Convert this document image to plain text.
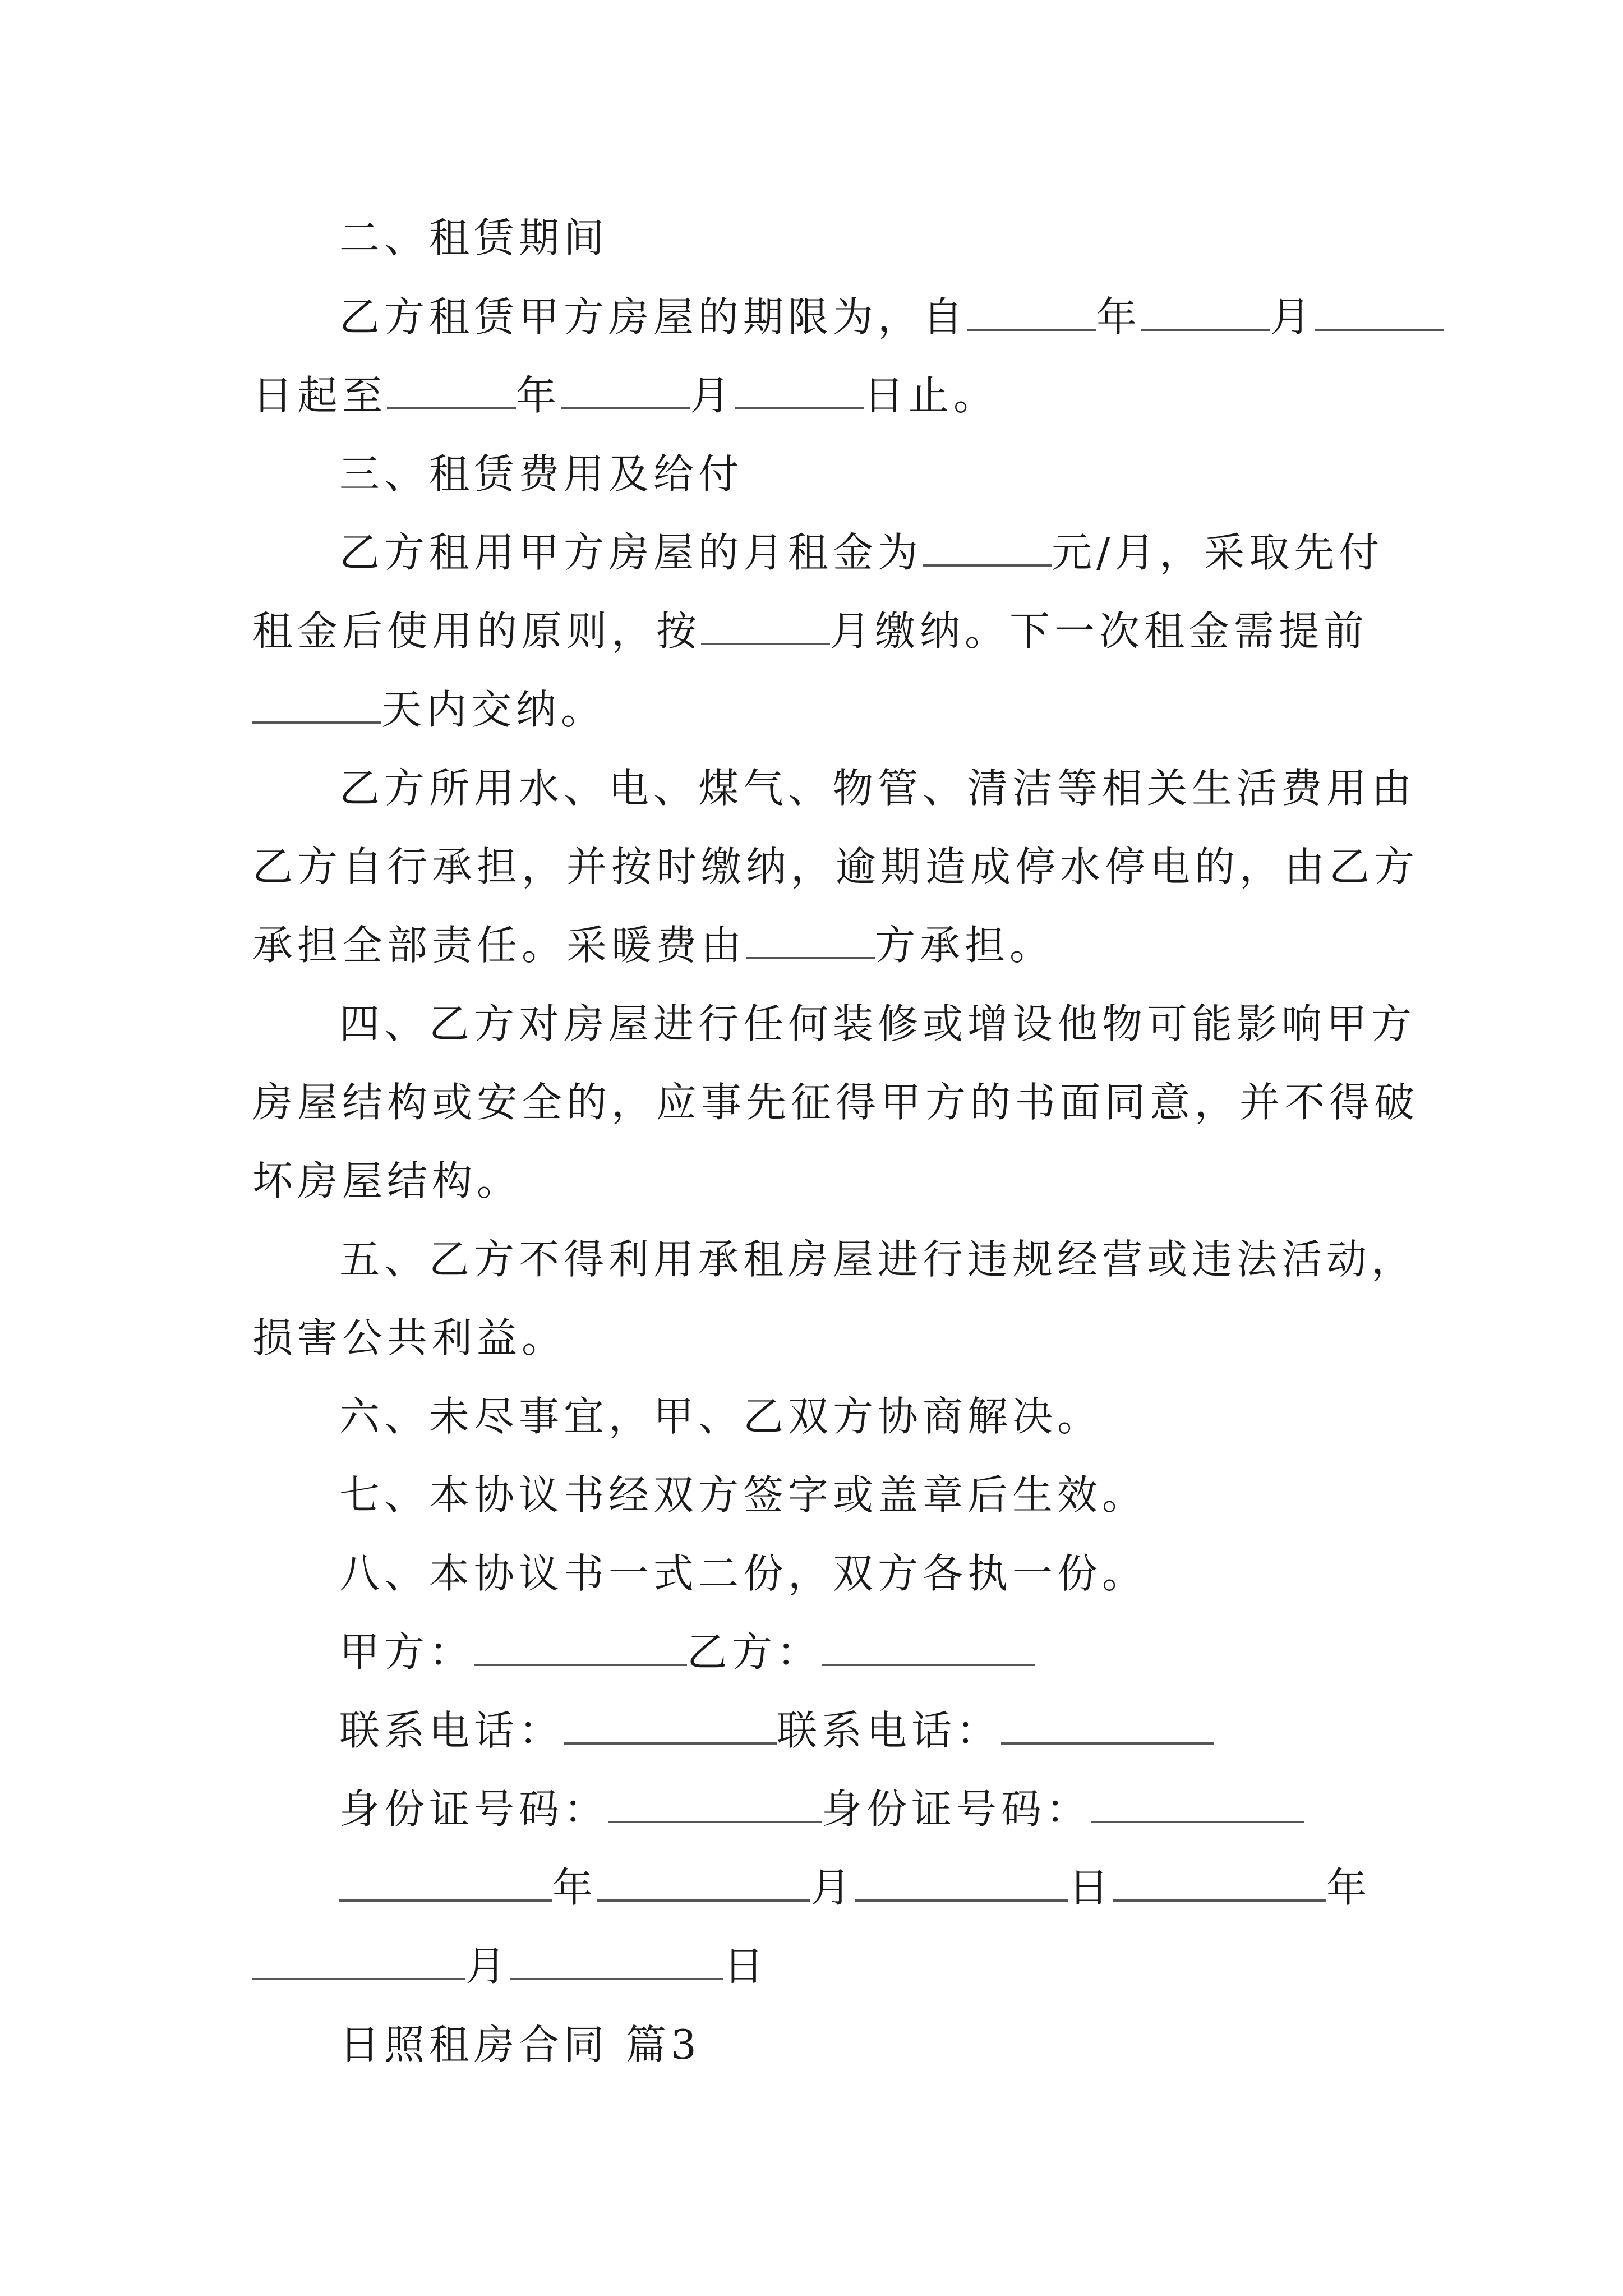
二、租赁期间
乙方租赁甲方房屋的期限为，自	年	月
日起至	年	月	日止。
三、租赁费用及给付
乙方租用甲方房屋的月租金为	元/月，采取先付
租金后使用的原则，按	月缴纳。下一次租金需提前
天内交纳。
乙方所用水、电、煤气、物管、清洁等相关生活费用由
乙方自行承担，并按时缴纳，逾期造成停水停电的，由乙方
承担全部责任。采暖费由	方承担。
四、乙方对房屋进行任何装修或增设他物可能影响甲方
房屋结构或安全的，应事先征得甲方的书面同意，并不得破
坏房屋结构。
五、乙方不得利用承租房屋进行违规经营或违法活动，
损害公共利益。
六、未尽事宜，甲、乙双方协商解决。
七、本协议书经双方签字或盖章后生效。
八、本协议书一式二份，双方各执一份。
甲方：	乙方：
联系电话：	联系电话：
身份证号码：	身份证号码：
年	月	日	年
月	日
日照租房合同 篇3
